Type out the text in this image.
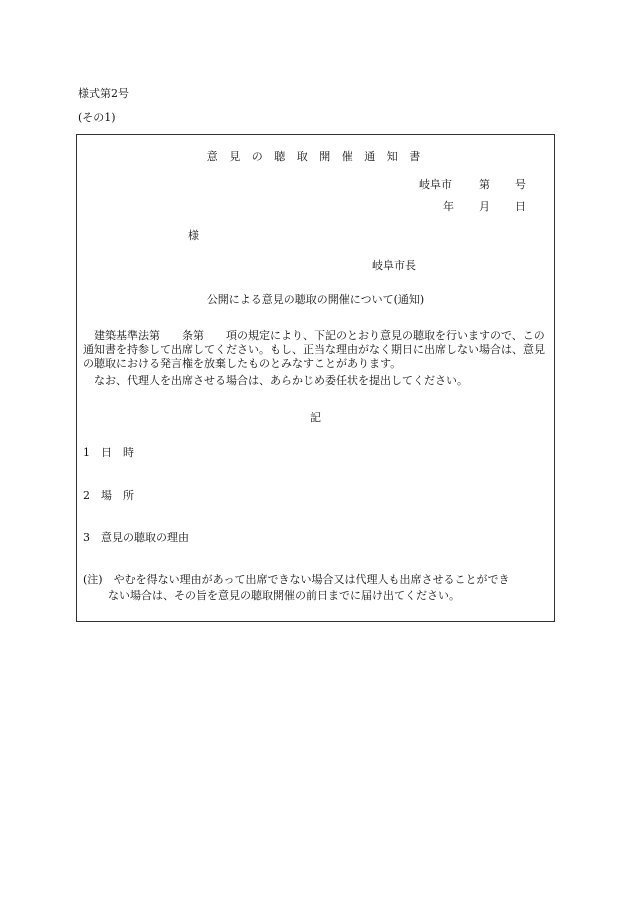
様式第2号
(その1)
意 見 の 聴 取 開 催 通 知 書
岐阜市 第 号
年 月 日
様
岐阜市長
公開による意見の聴取の開催について(通知)
　建築基準法第　　条第　　項の規定により、下記のとおり意見の聴取を行いますので、この通知書を持参して出席してください。もし、正当な理由がなく期日に出席しない場合は、意見の聴取における発言権を放棄したものとみなすことがあります。
　なお、代理人を出席させる場合は、あらかじめ委任状を提出してください。
記
1　日　時
2　場　所
3　意見の聴取の理由
(注)　やむを得ない理由があって出席できない場合又は代理人も出席させることができ
ない場合は、その旨を意見の聴取開催の前日までに届け出てください。
